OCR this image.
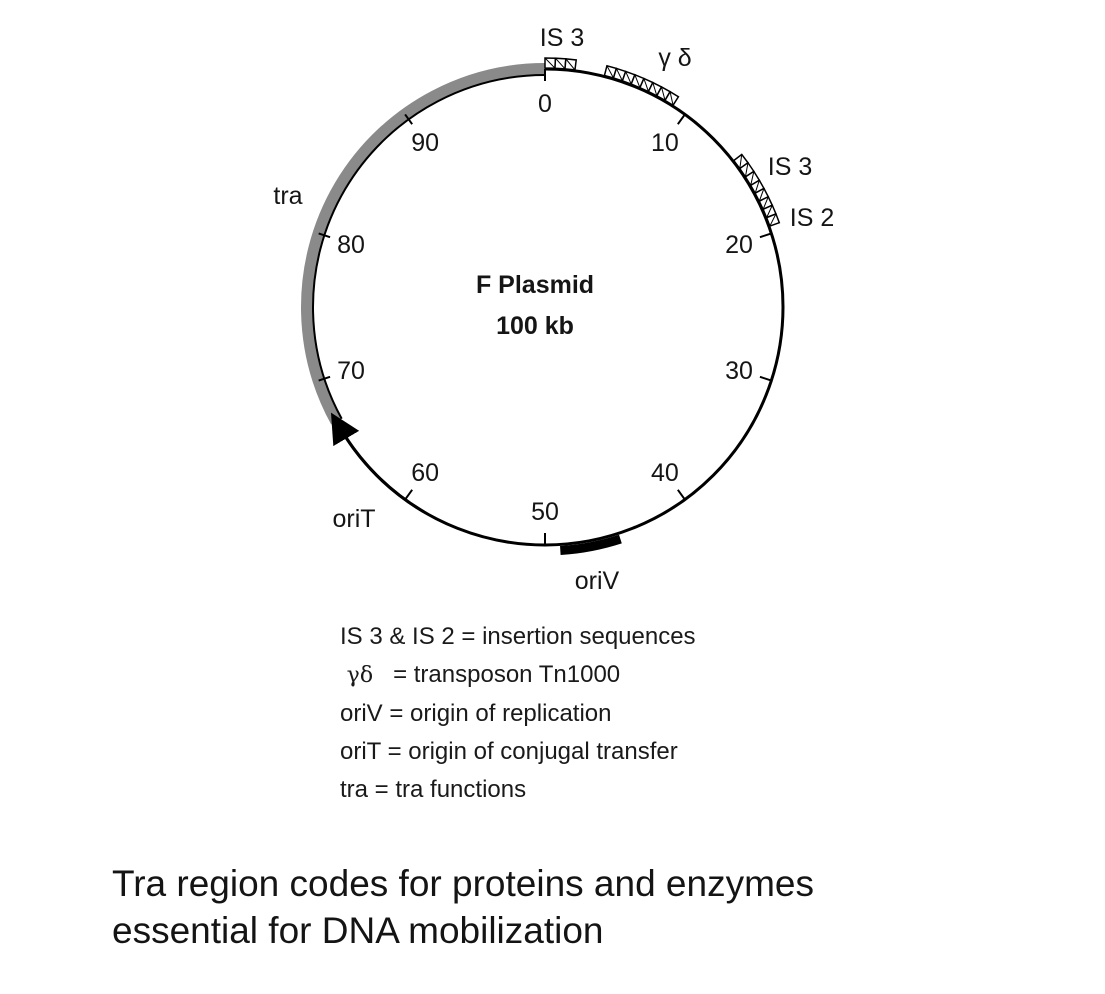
tra
oriV
oriT
IS 3
γ δ
IS 3
IS 2
0
10
20
30
40
50
60
70
80
90
F Plasmid
100 kb
IS 3 & IS 2 = insertion sequences
γδ   = transposon Tn1000
oriV = origin of replication
oriT = origin of conjugal transfer
tra = tra functions
Tra region codes for proteins and enzymes
essential for DNA mobilization
